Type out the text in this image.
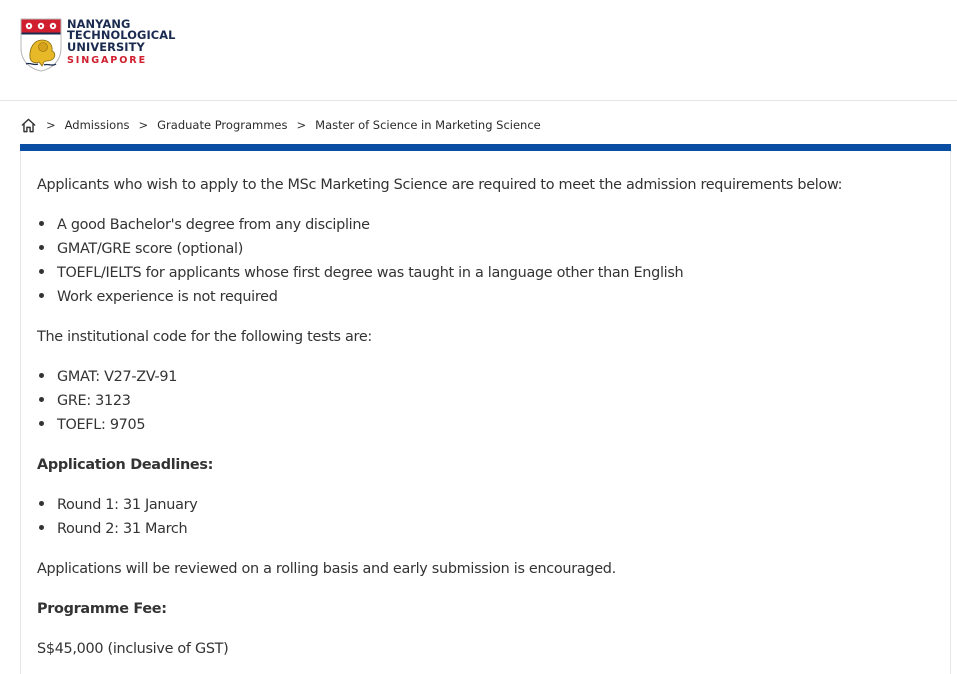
NANYANG
TECHNOLOGICAL
UNIVERSITY
SINGAPORE
> Admissions > Graduate Programmes > Master of Science in Marketing Science
Applicants who wish to apply to the MSc Marketing Science are required to meet the admission requirements below:
A good Bachelor's degree from any discipline
GMAT/GRE score (optional)
TOEFL/IELTS for applicants whose first degree was taught in a language other than English
Work experience is not required
The institutional code for the following tests are:
GMAT: V27-ZV-91
GRE: 3123
TOEFL: 9705
Application Deadlines:
Round 1: 31 January
Round 2: 31 March
Applications will be reviewed on a rolling basis and early submission is encouraged.
Programme Fee:
S$45,000 (inclusive of GST)
